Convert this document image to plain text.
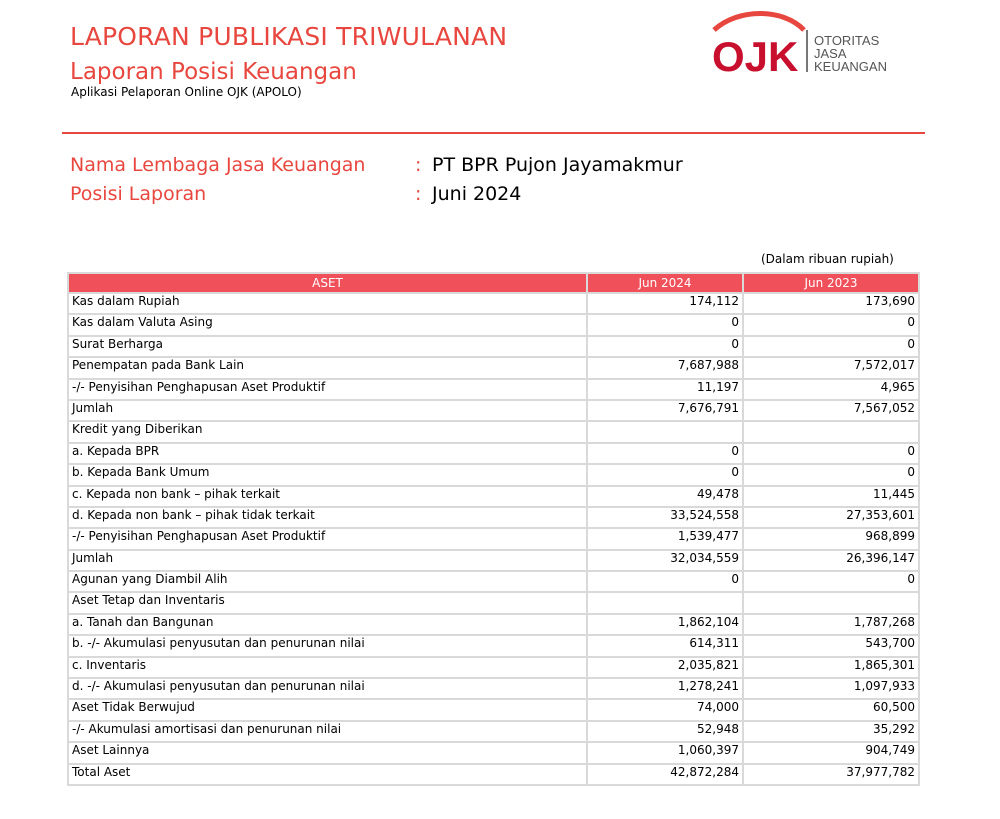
LAPORAN PUBLIKASI TRIWULANAN
Laporan Posisi Keuangan
Aplikasi Pelaporan Online OJK (APOLO)
OJK OTORITAS
JASA
KEUANGAN
Nama Lembaga Jasa Keuangan	: PT BPR Pujon Jayamakmur
Posisi Laporan	: Juni 2024
(Dalam ribuan rupiah)
ASET	Jun 2024	Jun 2023
Kas dalam Rupiah	174,112	173,690
Kas dalam Valuta Asing	0	0
Surat Berharga	0	0
Penempatan pada Bank Lain	7,687,988	7,572,017
-/- Penyisihan Penghapusan Aset Produktif	11,197	4,965
Jumlah	7,676,791	7,567,052
Kredit yang Diberikan		
a. Kepada BPR	0	0
b. Kepada Bank Umum	0	0
c. Kepada non bank – pihak terkait	49,478	11,445
d. Kepada non bank – pihak tidak terkait	33,524,558	27,353,601
-/- Penyisihan Penghapusan Aset Produktif	1,539,477	968,899
Jumlah	32,034,559	26,396,147
Agunan yang Diambil Alih	0	0
Aset Tetap dan Inventaris		
a. Tanah dan Bangunan	1,862,104	1,787,268
b. -/- Akumulasi penyusutan dan penurunan nilai	614,311	543,700
c. Inventaris	2,035,821	1,865,301
d. -/- Akumulasi penyusutan dan penurunan nilai	1,278,241	1,097,933
Aset Tidak Berwujud	74,000	60,500
-/- Akumulasi amortisasi dan penurunan nilai	52,948	35,292
Aset Lainnya	1,060,397	904,749
Total Aset	42,872,284	37,977,782
